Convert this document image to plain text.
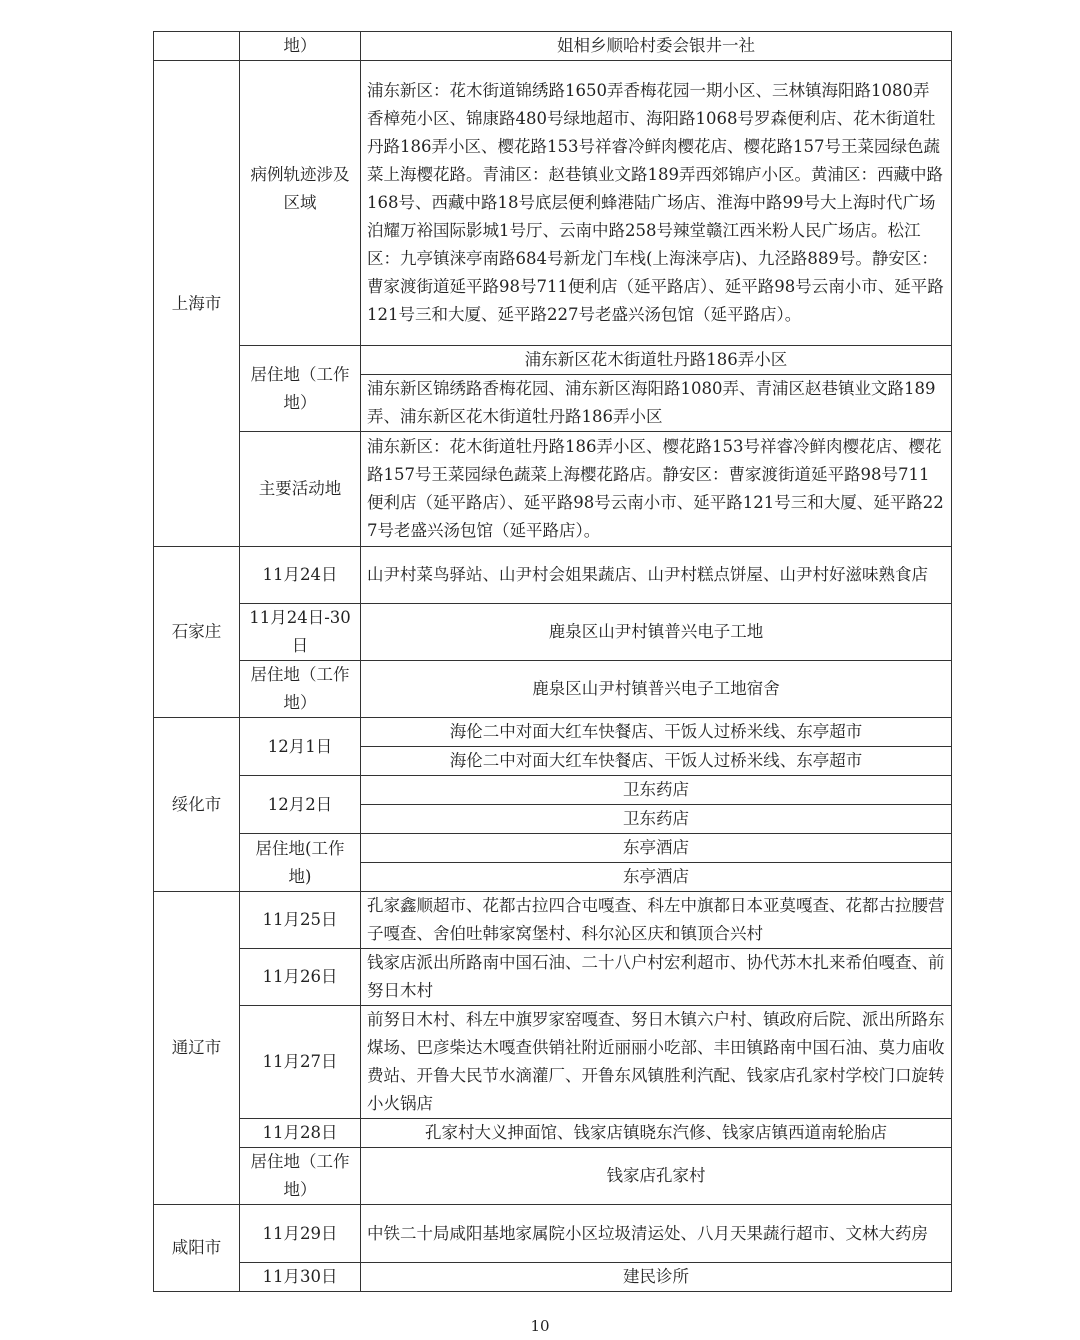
	地）	姐相乡顺哈村委会银井一社
上海市	病例轨迹涉及区域	浦东新区：花木街道锦绣路1650弄香梅花园一期小区、三林镇海阳路1080弄香樟苑小区、锦康路480号绿地超市、海阳路1068号罗森便利店、花木街道牡丹路186弄小区、樱花路153号祥睿冷鲜肉樱花店、樱花路157号王菜园绿色蔬菜上海樱花路。青浦区：赵巷镇业文路189弄西郊锦庐小区。黄浦区：西藏中路168号、西藏中路18号底层便利蜂港陆广场店、淮海中路99号大上海时代广场泊耀万裕国际影城1号厅、云南中路258号辣堂赣江西米粉人民广场店。松江区：九亭镇涞亭南路684号新龙门车栈(上海涞亭店)、九泾路889号。静安区：曹家渡街道延平路98号711便利店（延平路店）、延平路98号云南小市、延平路121号三和大厦、延平路227号老盛兴汤包馆（延平路店）。
	居住地（工作地）	浦东新区花木街道牡丹路186弄小区
		浦东新区锦绣路香梅花园、浦东新区海阳路1080弄、青浦区赵巷镇业文路189弄、浦东新区花木街道牡丹路186弄小区
	主要活动地	浦东新区：花木街道牡丹路186弄小区、樱花路153号祥睿冷鲜肉樱花店、樱花路157号王菜园绿色蔬菜上海樱花路店。静安区：曹家渡街道延平路98号711便利店（延平路店）、延平路98号云南小市、延平路121号三和大厦、延平路227号老盛兴汤包馆（延平路店）。
石家庄	11月24日	山尹村菜鸟驿站、山尹村会姐果蔬店、山尹村糕点饼屋、山尹村好滋味熟食店
	11月24日-30日	鹿泉区山尹村镇普兴电子工地
	居住地（工作地）	鹿泉区山尹村镇普兴电子工地宿舍
绥化市	12月1日	海伦二中对面大红车快餐店、干饭人过桥米线、东亭超市
		海伦二中对面大红车快餐店、干饭人过桥米线、东亭超市
	12月2日	卫东药店
		卫东药店
	居住地(工作地)	东亭酒店
		东亭酒店
通辽市	11月25日	孔家鑫顺超市、花都古拉四合屯嘎查、科左中旗都日本亚莫嘎查、花都古拉腰营子嘎查、舍伯吐韩家窝堡村、科尔沁区庆和镇顶合兴村
	11月26日	钱家店派出所路南中国石油、二十八户村宏利超市、协代苏木扎来希伯嘎查、前努日木村
	11月27日	前努日木村、科左中旗罗家窑嘎查、努日木镇六户村、镇政府后院、派出所路东煤场、巴彦柴达木嘎查供销社附近丽丽小吃部、丰田镇路南中国石油、莫力庙收费站、开鲁大民节水滴灌厂、开鲁东风镇胜利汽配、钱家店孔家村学校门口旋转小火锅店
	11月28日	孔家村大义抻面馆、钱家店镇晓东汽修、钱家店镇西道南轮胎店
	居住地（工作地）	钱家店孔家村
咸阳市	11月29日	中铁二十局咸阳基地家属院小区垃圾清运处、八月天果蔬行超市、文林大药房
	11月30日	建民诊所
10
